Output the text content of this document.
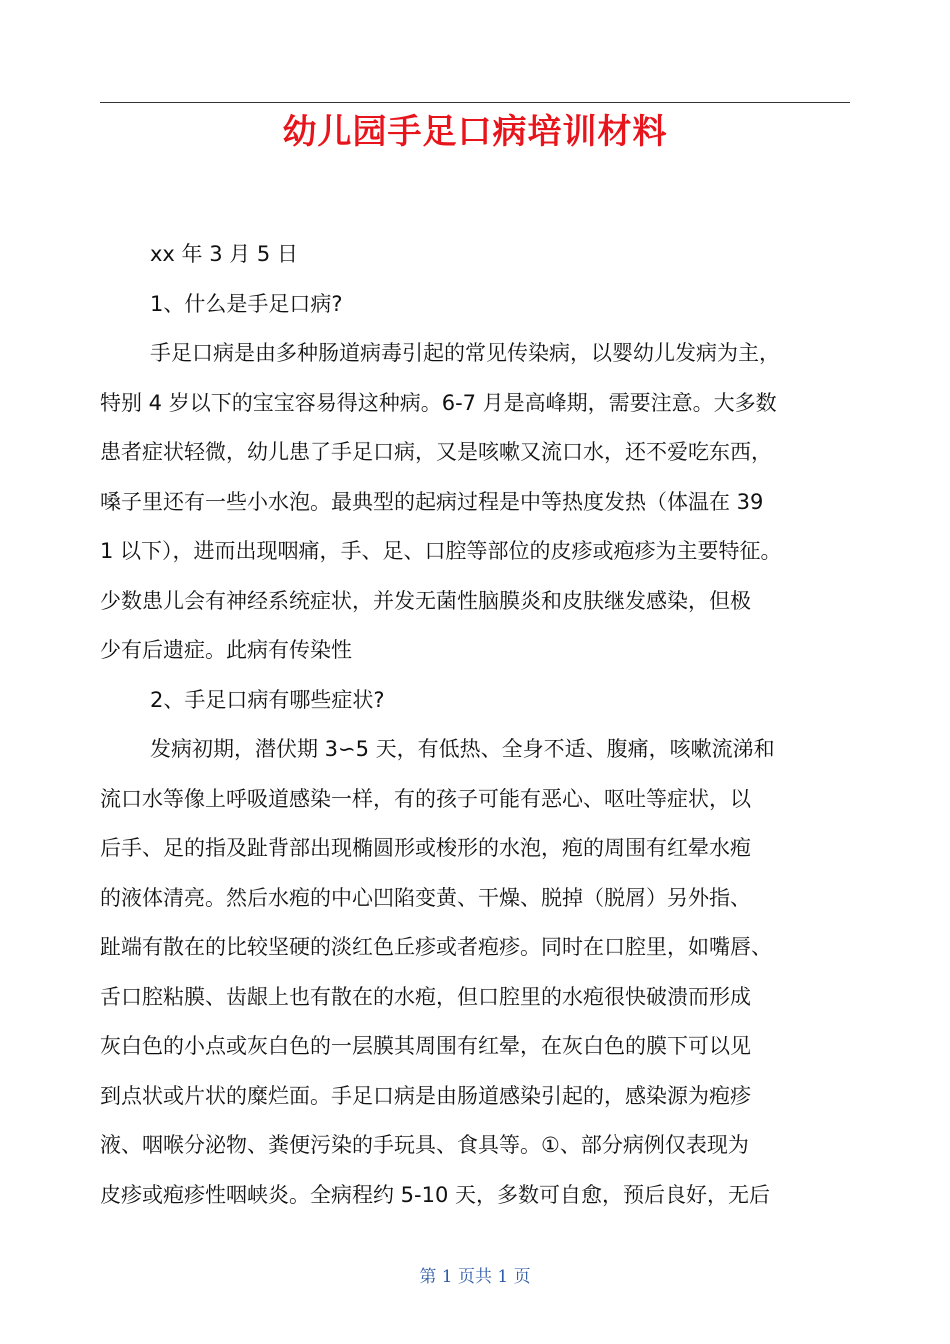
幼儿园手足口病培训材料
xx 年 3 月 5 日
1、什么是手足口病?
手足口病是由多种肠道病毒引起的常见传染病，以婴幼儿发病为主，
特别 4 岁以下的宝宝容易得这种病。6-7 月是高峰期，需要注意。大多数
患者症状轻微，幼儿患了手足口病，又是咳嗽又流口水，还不爱吃东西，
嗓子里还有一些小水泡。最典型的起病过程是中等热度发热（体温在 39
1 以下），进而出现咽痛，手、足、口腔等部位的皮疹或疱疹为主要特征。
少数患儿会有神经系统症状，并发无菌性脑膜炎和皮肤继发感染，但极
少有后遗症。此病有传染性
2、手足口病有哪些症状?
发病初期，潜伏期 3∽5 天，有低热、全身不适、腹痛，咳嗽流涕和
流口水等像上呼吸道感染一样，有的孩子可能有恶心、呕吐等症状，以
后手、足的指及趾背部出现椭圆形或梭形的水泡，疱的周围有红晕水疱
的液体清亮。然后水疱的中心凹陷变黄、干燥、脱掉（脱屑）另外指、
趾端有散在的比较坚硬的淡红色丘疹或者疱疹。同时在口腔里，如嘴唇、
舌口腔粘膜、齿龈上也有散在的水疱，但口腔里的水疱很快破溃而形成
灰白色的小点或灰白色的一层膜其周围有红晕，在灰白色的膜下可以见
到点状或片状的糜烂面。手足口病是由肠道感染引起的，感染源为疱疹
液、咽喉分泌物、粪便污染的手玩具、食具等。①、部分病例仅表现为
皮疹或疱疹性咽峡炎。全病程约 5-10 天，多数可自愈，预后良好，无后
第 1 页共 1 页
